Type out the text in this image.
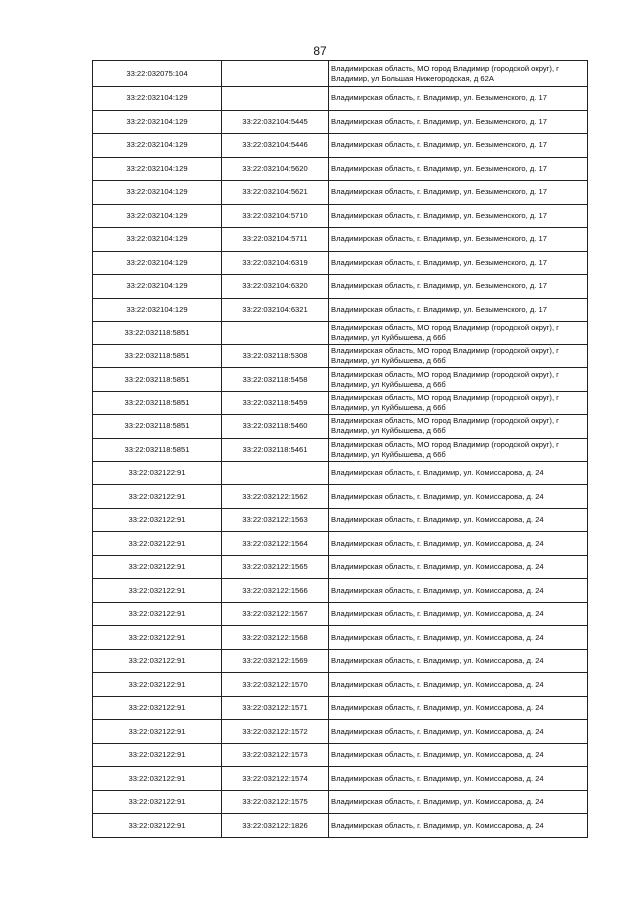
87
33:22:032075:104		Владимирская область, МО город Владимир (городской округ), г Владимир, ул Большая Нижегородская, д 62А
33:22:032104:129		Владимирская область, г. Владимир, ул. Безыменского, д. 17
33:22:032104:129	33:22:032104:5445	Владимирская область, г. Владимир, ул. Безыменского, д. 17
33:22:032104:129	33:22:032104:5446	Владимирская область, г. Владимир, ул. Безыменского, д. 17
33:22:032104:129	33:22:032104:5620	Владимирская область, г. Владимир, ул. Безыменского, д. 17
33:22:032104:129	33:22:032104:5621	Владимирская область, г. Владимир, ул. Безыменского, д. 17
33:22:032104:129	33:22:032104:5710	Владимирская область, г. Владимир, ул. Безыменского, д. 17
33:22:032104:129	33:22:032104:5711	Владимирская область, г. Владимир, ул. Безыменского, д. 17
33:22:032104:129	33:22:032104:6319	Владимирская область, г. Владимир, ул. Безыменского, д. 17
33:22:032104:129	33:22:032104:6320	Владимирская область, г. Владимир, ул. Безыменского, д. 17
33:22:032104:129	33:22:032104:6321	Владимирская область, г. Владимир, ул. Безыменского, д. 17
33:22:032118:5851		Владимирская область, МО город Владимир (городской округ), г Владимир, ул Куйбышева, д 66б
33:22:032118:5851	33:22:032118:5308	Владимирская область, МО город Владимир (городской округ), г Владимир, ул Куйбышева, д 66б
33:22:032118:5851	33:22:032118:5458	Владимирская область, МО город Владимир (городской округ), г Владимир, ул Куйбышева, д 66б
33:22:032118:5851	33:22:032118:5459	Владимирская область, МО город Владимир (городской округ), г Владимир, ул Куйбышева, д 66б
33:22:032118:5851	33:22:032118:5460	Владимирская область, МО город Владимир (городской округ), г Владимир, ул Куйбышева, д 66б
33:22:032118:5851	33:22:032118:5461	Владимирская область, МО город Владимир (городской округ), г Владимир, ул Куйбышева, д 66б
33:22:032122:91		Владимирская область, г. Владимир, ул. Комиссарова, д. 24
33:22:032122:91	33:22:032122:1562	Владимирская область, г. Владимир, ул. Комиссарова, д. 24
33:22:032122:91	33:22:032122:1563	Владимирская область, г. Владимир, ул. Комиссарова, д. 24
33:22:032122:91	33:22:032122:1564	Владимирская область, г. Владимир, ул. Комиссарова, д. 24
33:22:032122:91	33:22:032122:1565	Владимирская область, г. Владимир, ул. Комиссарова, д. 24
33:22:032122:91	33:22:032122:1566	Владимирская область, г. Владимир, ул. Комиссарова, д. 24
33:22:032122:91	33:22:032122:1567	Владимирская область, г. Владимир, ул. Комиссарова, д. 24
33:22:032122:91	33:22:032122:1568	Владимирская область, г. Владимир, ул. Комиссарова, д. 24
33:22:032122:91	33:22:032122:1569	Владимирская область, г. Владимир, ул. Комиссарова, д. 24
33:22:032122:91	33:22:032122:1570	Владимирская область, г. Владимир, ул. Комиссарова, д. 24
33:22:032122:91	33:22:032122:1571	Владимирская область, г. Владимир, ул. Комиссарова, д. 24
33:22:032122:91	33:22:032122:1572	Владимирская область, г. Владимир, ул. Комиссарова, д. 24
33:22:032122:91	33:22:032122:1573	Владимирская область, г. Владимир, ул. Комиссарова, д. 24
33:22:032122:91	33:22:032122:1574	Владимирская область, г. Владимир, ул. Комиссарова, д. 24
33:22:032122:91	33:22:032122:1575	Владимирская область, г. Владимир, ул. Комиссарова, д. 24
33:22:032122:91	33:22:032122:1826	Владимирская область, г. Владимир, ул. Комиссарова, д. 24
